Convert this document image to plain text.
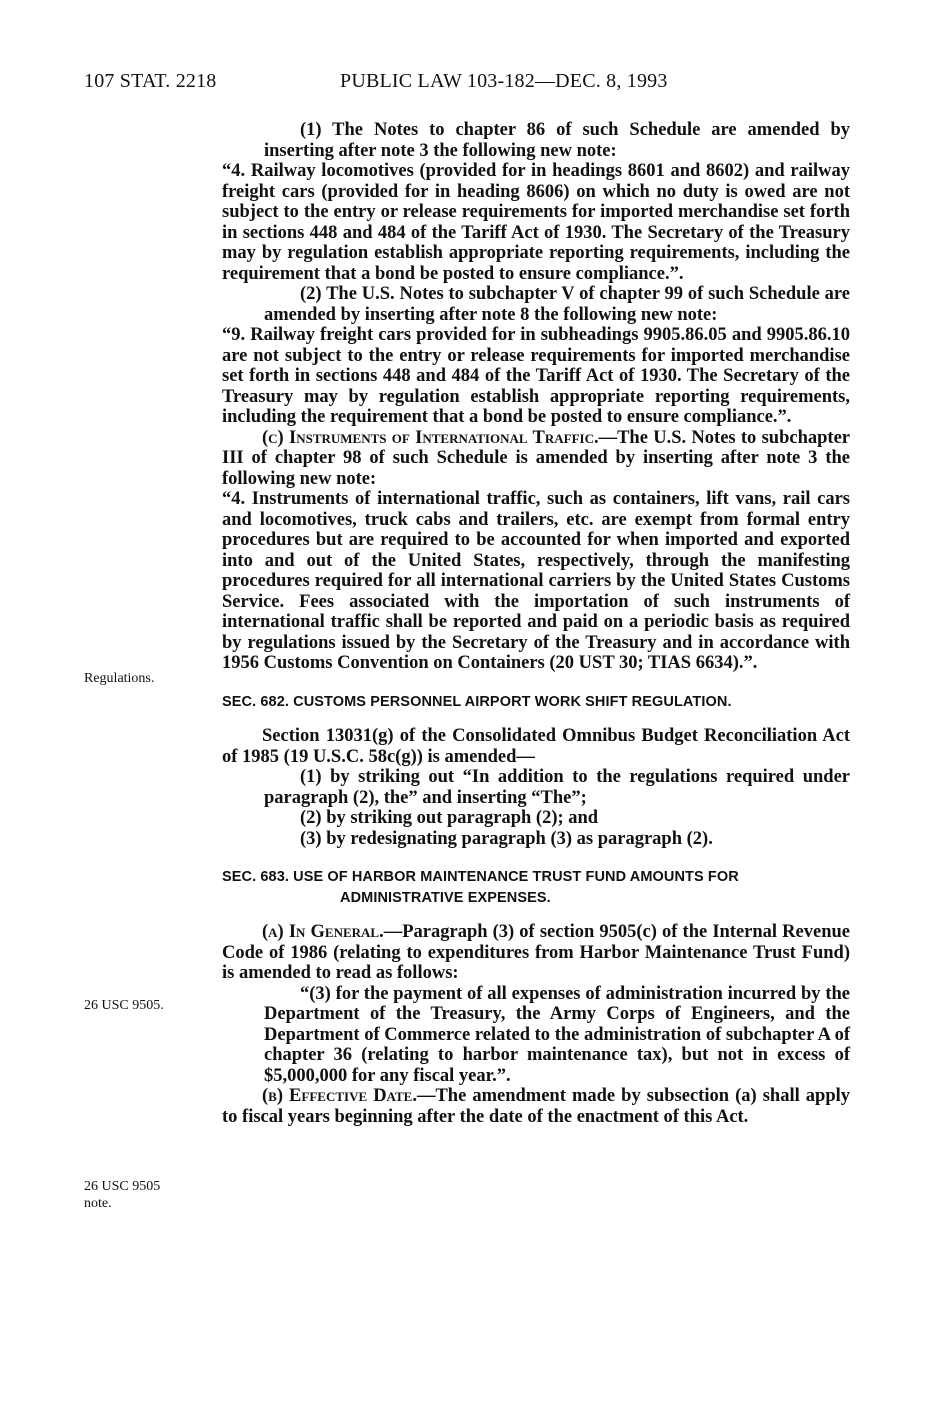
107 STAT. 2218	PUBLIC LAW 103-182—DEC. 8, 1993
Regulations.
26 USC 9505.
26 USC 9505
note.

(1) The Notes to chapter 86 of such Schedule are amended by inserting after note 3 the following new note:

“4. Railway locomotives (provided for in headings 8601 and 8602) and railway freight cars (provided for in heading 8606) on which no duty is owed are not subject to the entry or release requirements for imported merchandise set forth in sections 448 and 484 of the Tariff Act of 1930. The Secretary of the Treasury may by regulation establish appropriate reporting requirements, including the requirement that a bond be posted to ensure compliance.”.

(2) The U.S. Notes to subchapter V of chapter 99 of such Schedule are amended by inserting after note 8 the following new note:

“9. Railway freight cars provided for in subheadings 9905.86.05 and 9905.86.10 are not subject to the entry or release requirements for imported merchandise set forth in sections 448 and 484 of the Tariff Act of 1930. The Secretary of the Treasury may by regulation establish appropriate reporting requirements, including the requirement that a bond be posted to ensure compliance.”.

(c) Instruments of International Traffic.—The U.S. Notes to subchapter III of chapter 98 of such Schedule is amended by inserting after note 3 the following new note:

“4. Instruments of international traffic, such as containers, lift vans, rail cars and locomotives, truck cabs and trailers, etc. are exempt from formal entry procedures but are required to be accounted for when imported and exported into and out of the United States, respectively, through the manifesting procedures required for all international carriers by the United States Customs Service. Fees associated with the importation of such instruments of international traffic shall be reported and paid on a periodic basis as required by regulations issued by the Secretary of the Treasury and in accordance with 1956 Customs Convention on Containers (20 UST 30; TIAS 6634).”.

SEC. 682. CUSTOMS PERSONNEL AIRPORT WORK SHIFT REGULATION.

Section 13031(g) of the Consolidated Omnibus Budget Reconciliation Act of 1985 (19 U.S.C. 58c(g)) is amended—

(1) by striking out “In addition to the regulations required under paragraph (2), the” and inserting “The”;

(2) by striking out paragraph (2); and

(3) by redesignating paragraph (3) as paragraph (2).

SEC. 683. USE OF HARBOR MAINTENANCE TRUST FUND AMOUNTS FOR
ADMINISTRATIVE EXPENSES.

(a) In General.—Paragraph (3) of section 9505(c) of the Internal Revenue Code of 1986 (relating to expenditures from Harbor Maintenance Trust Fund) is amended to read as follows:

“(3) for the payment of all expenses of administration incurred by the Department of the Treasury, the Army Corps of Engineers, and the Department of Commerce related to the administration of subchapter A of chapter 36 (relating to harbor maintenance tax), but not in excess of $5,000,000 for any fiscal year.”.

(b) Effective Date.—The amendment made by subsection (a) shall apply to fiscal years beginning after the date of the enactment of this Act.
